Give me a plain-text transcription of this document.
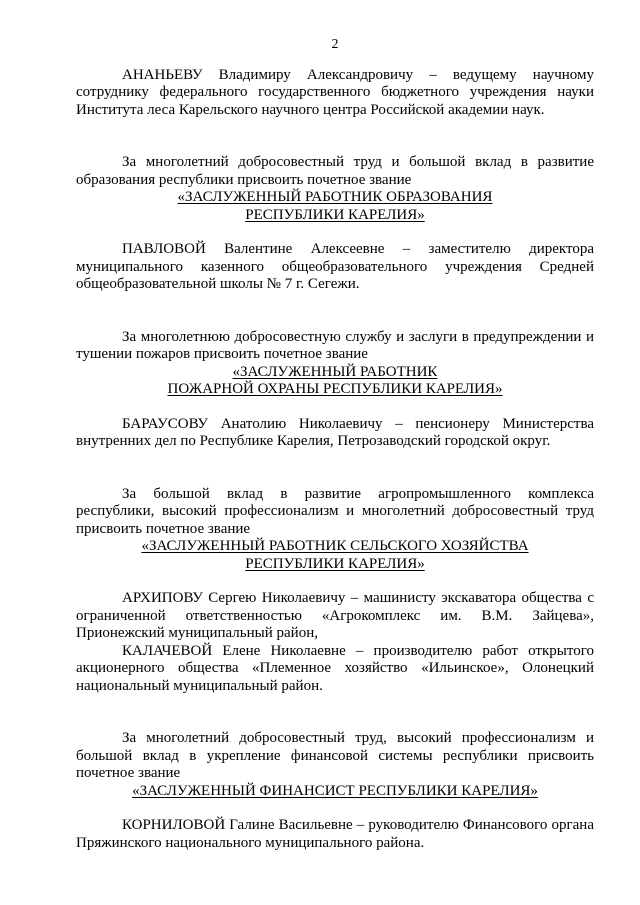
2

АНАНЬЕВУ Владимиру Александровичу – ведущему научному сотруднику федерального государственного бюджетного учреждения науки Института леса Карельского научного центра Российской академии наук.

За многолетний добросовестный труд и большой вклад в развитие образования республики присвоить почетное звание

«ЗАСЛУЖЕННЫЙ РАБОТНИК ОБРАЗОВАНИЯ

РЕСПУБЛИКИ КАРЕЛИЯ»

ПАВЛОВОЙ Валентине Алексеевне – заместителю директора муниципального казенного общеобразовательного учреждения Средней общеобразовательной школы № 7 г. Сегежи.

За многолетнюю добросовестную службу и заслуги в предупреждении и тушении пожаров присвоить почетное звание

«ЗАСЛУЖЕННЫЙ РАБОТНИК

ПОЖАРНОЙ ОХРАНЫ РЕСПУБЛИКИ КАРЕЛИЯ»

БАРАУСОВУ Анатолию Николаевичу – пенсионеру Министерства внутренних дел по Республике Карелия, Петрозаводский городской округ.

За большой вклад в развитие агропромышленного комплекса республики, высокий профессионализм и многолетний добросовестный труд присвоить почетное звание

«ЗАСЛУЖЕННЫЙ РАБОТНИК СЕЛЬСКОГО ХОЗЯЙСТВА

РЕСПУБЛИКИ КАРЕЛИЯ»

АРХИПОВУ Сергею Николаевичу – машинисту экскаватора общества с ограниченной ответственностью «Агрокомплекс им. В.М. Зайцева», Прионежский муниципальный район,

КАЛАЧЕВОЙ Елене Николаевне – производителю работ открытого акционерного общества «Племенное хозяйство «Ильинское», Олонецкий национальный муниципальный район.

За многолетний добросовестный труд, высокий профессионализм и большой вклад в укрепление финансовой системы республики присвоить почетное звание

«ЗАСЛУЖЕННЫЙ ФИНАНСИСТ РЕСПУБЛИКИ КАРЕЛИЯ»

КОРНИЛОВОЙ Галине Васильевне – руководителю Финансового органа Пряжинского национального муниципального района.
